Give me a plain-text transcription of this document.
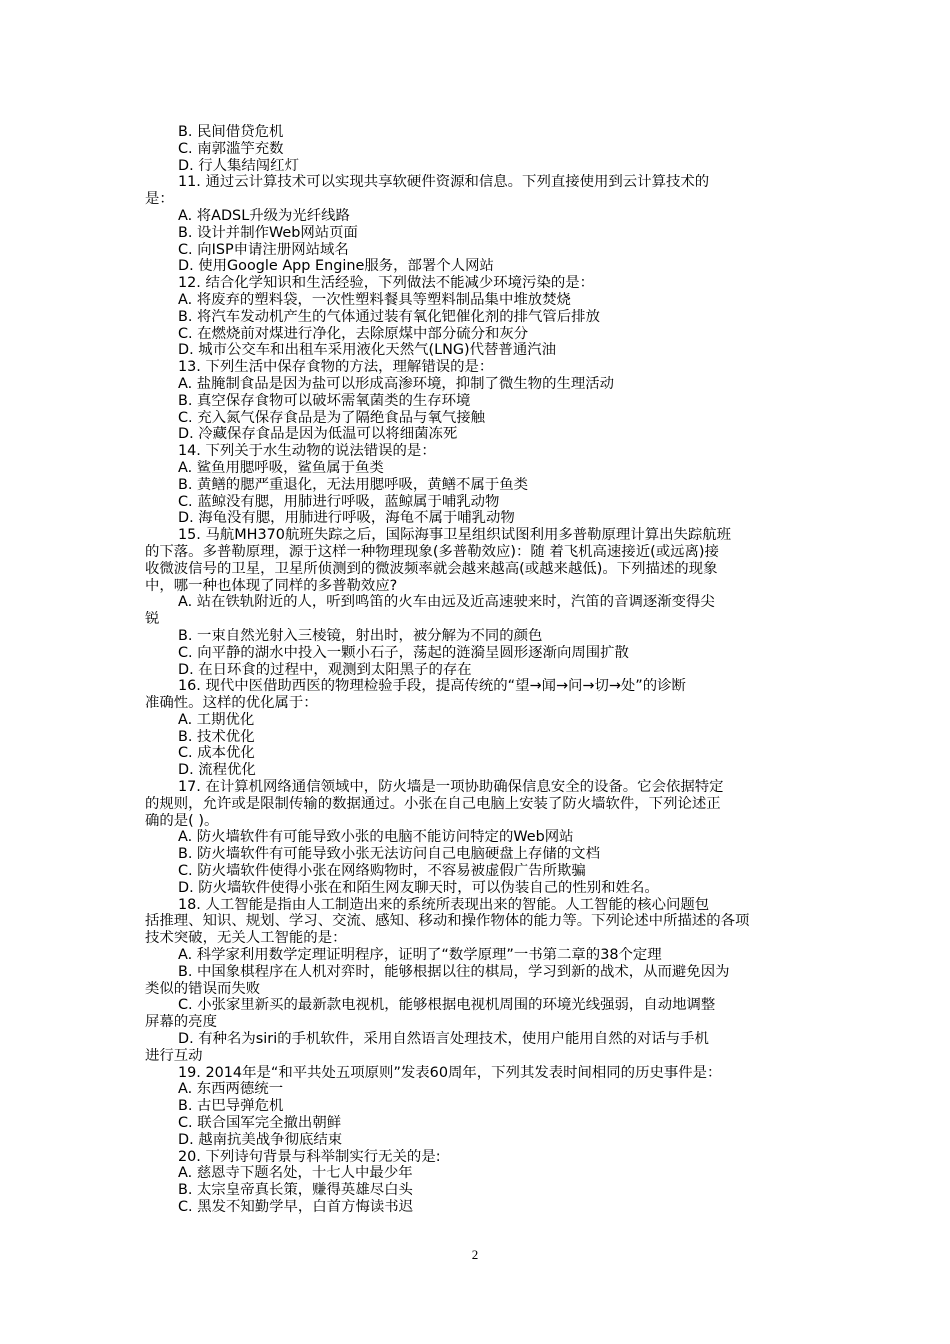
B. 民间借贷危机
C. 南郭滥竽充数
D. 行人集结闯红灯
11. 通过云计算技术可以实现共享软硬件资源和信息。下列直接使用到云计算技术的
是：
A. 将ADSL升级为光纤线路
B. 设计并制作Web网站页面
C. 向ISP申请注册网站域名
D. 使用Google App Engine服务，部署个人网站
12. 结合化学知识和生活经验，下列做法不能减少环境污染的是：
A. 将废弃的塑料袋，一次性塑料餐具等塑料制品集中堆放焚烧
B. 将汽车发动机产生的气体通过装有氧化钯催化剂的排气管后排放
C. 在燃烧前对煤进行净化，去除原煤中部分硫分和灰分
D. 城市公交车和出租车采用液化天然气(LNG)代替普通汽油
13. 下列生活中保存食物的方法，理解错误的是：
A. 盐腌制食品是因为盐可以形成高渗环境，抑制了微生物的生理活动
B. 真空保存食物可以破坏需氧菌类的生存环境
C. 充入氮气保存食品是为了隔绝食品与氧气接触
D. 冷藏保存食品是因为低温可以将细菌冻死
14. 下列关于水生动物的说法错误的是：
A. 鲨鱼用腮呼吸，鲨鱼属于鱼类
B. 黄鳝的腮严重退化，无法用腮呼吸，黄鳝不属于鱼类
C. 蓝鲸没有腮，用肺进行呼吸，蓝鲸属于哺乳动物
D. 海龟没有腮，用肺进行呼吸，海龟不属于哺乳动物
15. 马航MH370航班失踪之后，国际海事卫星组织试图利用多普勒原理计算出失踪航班
的下落。多普勒原理，源于这样一种物理现象(多普勒效应)：随 着飞机高速接近(或远离)接
收微波信号的卫星，卫星所侦测到的微波频率就会越来越高(或越来越低)。下列描述的现象
中，哪一种也体现了同样的多普勒效应?
A. 站在铁轨附近的人，听到鸣笛的火车由远及近高速驶来时，汽笛的音调逐渐变得尖
锐
B. 一束自然光射入三棱镜，射出时，被分解为不同的颜色
C. 向平静的湖水中投入一颗小石子，荡起的涟漪呈圆形逐渐向周围扩散
D. 在日环食的过程中，观测到太阳黑子的存在
16. 现代中医借助西医的物理检验手段，提高传统的“望→闻→问→切→处”的诊断
准确性。这样的优化属于：
A. 工期优化
B. 技术优化
C. 成本优化
D. 流程优化
17. 在计算机网络通信领域中，防火墙是一项协助确保信息安全的设备。它会依据特定
的规则，允许或是限制传输的数据通过。小张在自己电脑上安装了防火墙软件，下列论述正
确的是( )。
A. 防火墙软件有可能导致小张的电脑不能访问特定的Web网站
B. 防火墙软件有可能导致小张无法访问自己电脑硬盘上存储的文档
C. 防火墙软件使得小张在网络购物时，不容易被虚假广告所欺骗
D. 防火墙软件使得小张在和陌生网友聊天时，可以伪装自己的性别和姓名。
18. 人工智能是指由人工制造出来的系统所表现出来的智能。人工智能的核心问题包
括推理、知识、规划、学习、交流、感知、移动和操作物体的能力等。下列论述中所描述的各项
技术突破，无关人工智能的是：
A. 科学家利用数学定理证明程序，证明了“数学原理”一书第二章的38个定理
B. 中国象棋程序在人机对弈时，能够根据以往的棋局，学习到新的战术，从而避免因为
类似的错误而失败
C. 小张家里新买的最新款电视机，能够根据电视机周围的环境光线强弱，自动地调整
屏幕的亮度
D. 有种名为siri的手机软件，采用自然语言处理技术，使用户能用自然的对话与手机
进行互动
19. 2014年是“和平共处五项原则”发表60周年，下列其发表时间相同的历史事件是：
A. 东西两德统一
B. 古巴导弹危机
C. 联合国军完全撤出朝鲜
D. 越南抗美战争彻底结束
20. 下列诗句背景与科举制实行无关的是:
A. 慈恩寺下题名处，十七人中最少年
B. 太宗皇帝真长策，赚得英雄尽白头
C. 黑发不知勤学早，白首方悔读书迟
2
